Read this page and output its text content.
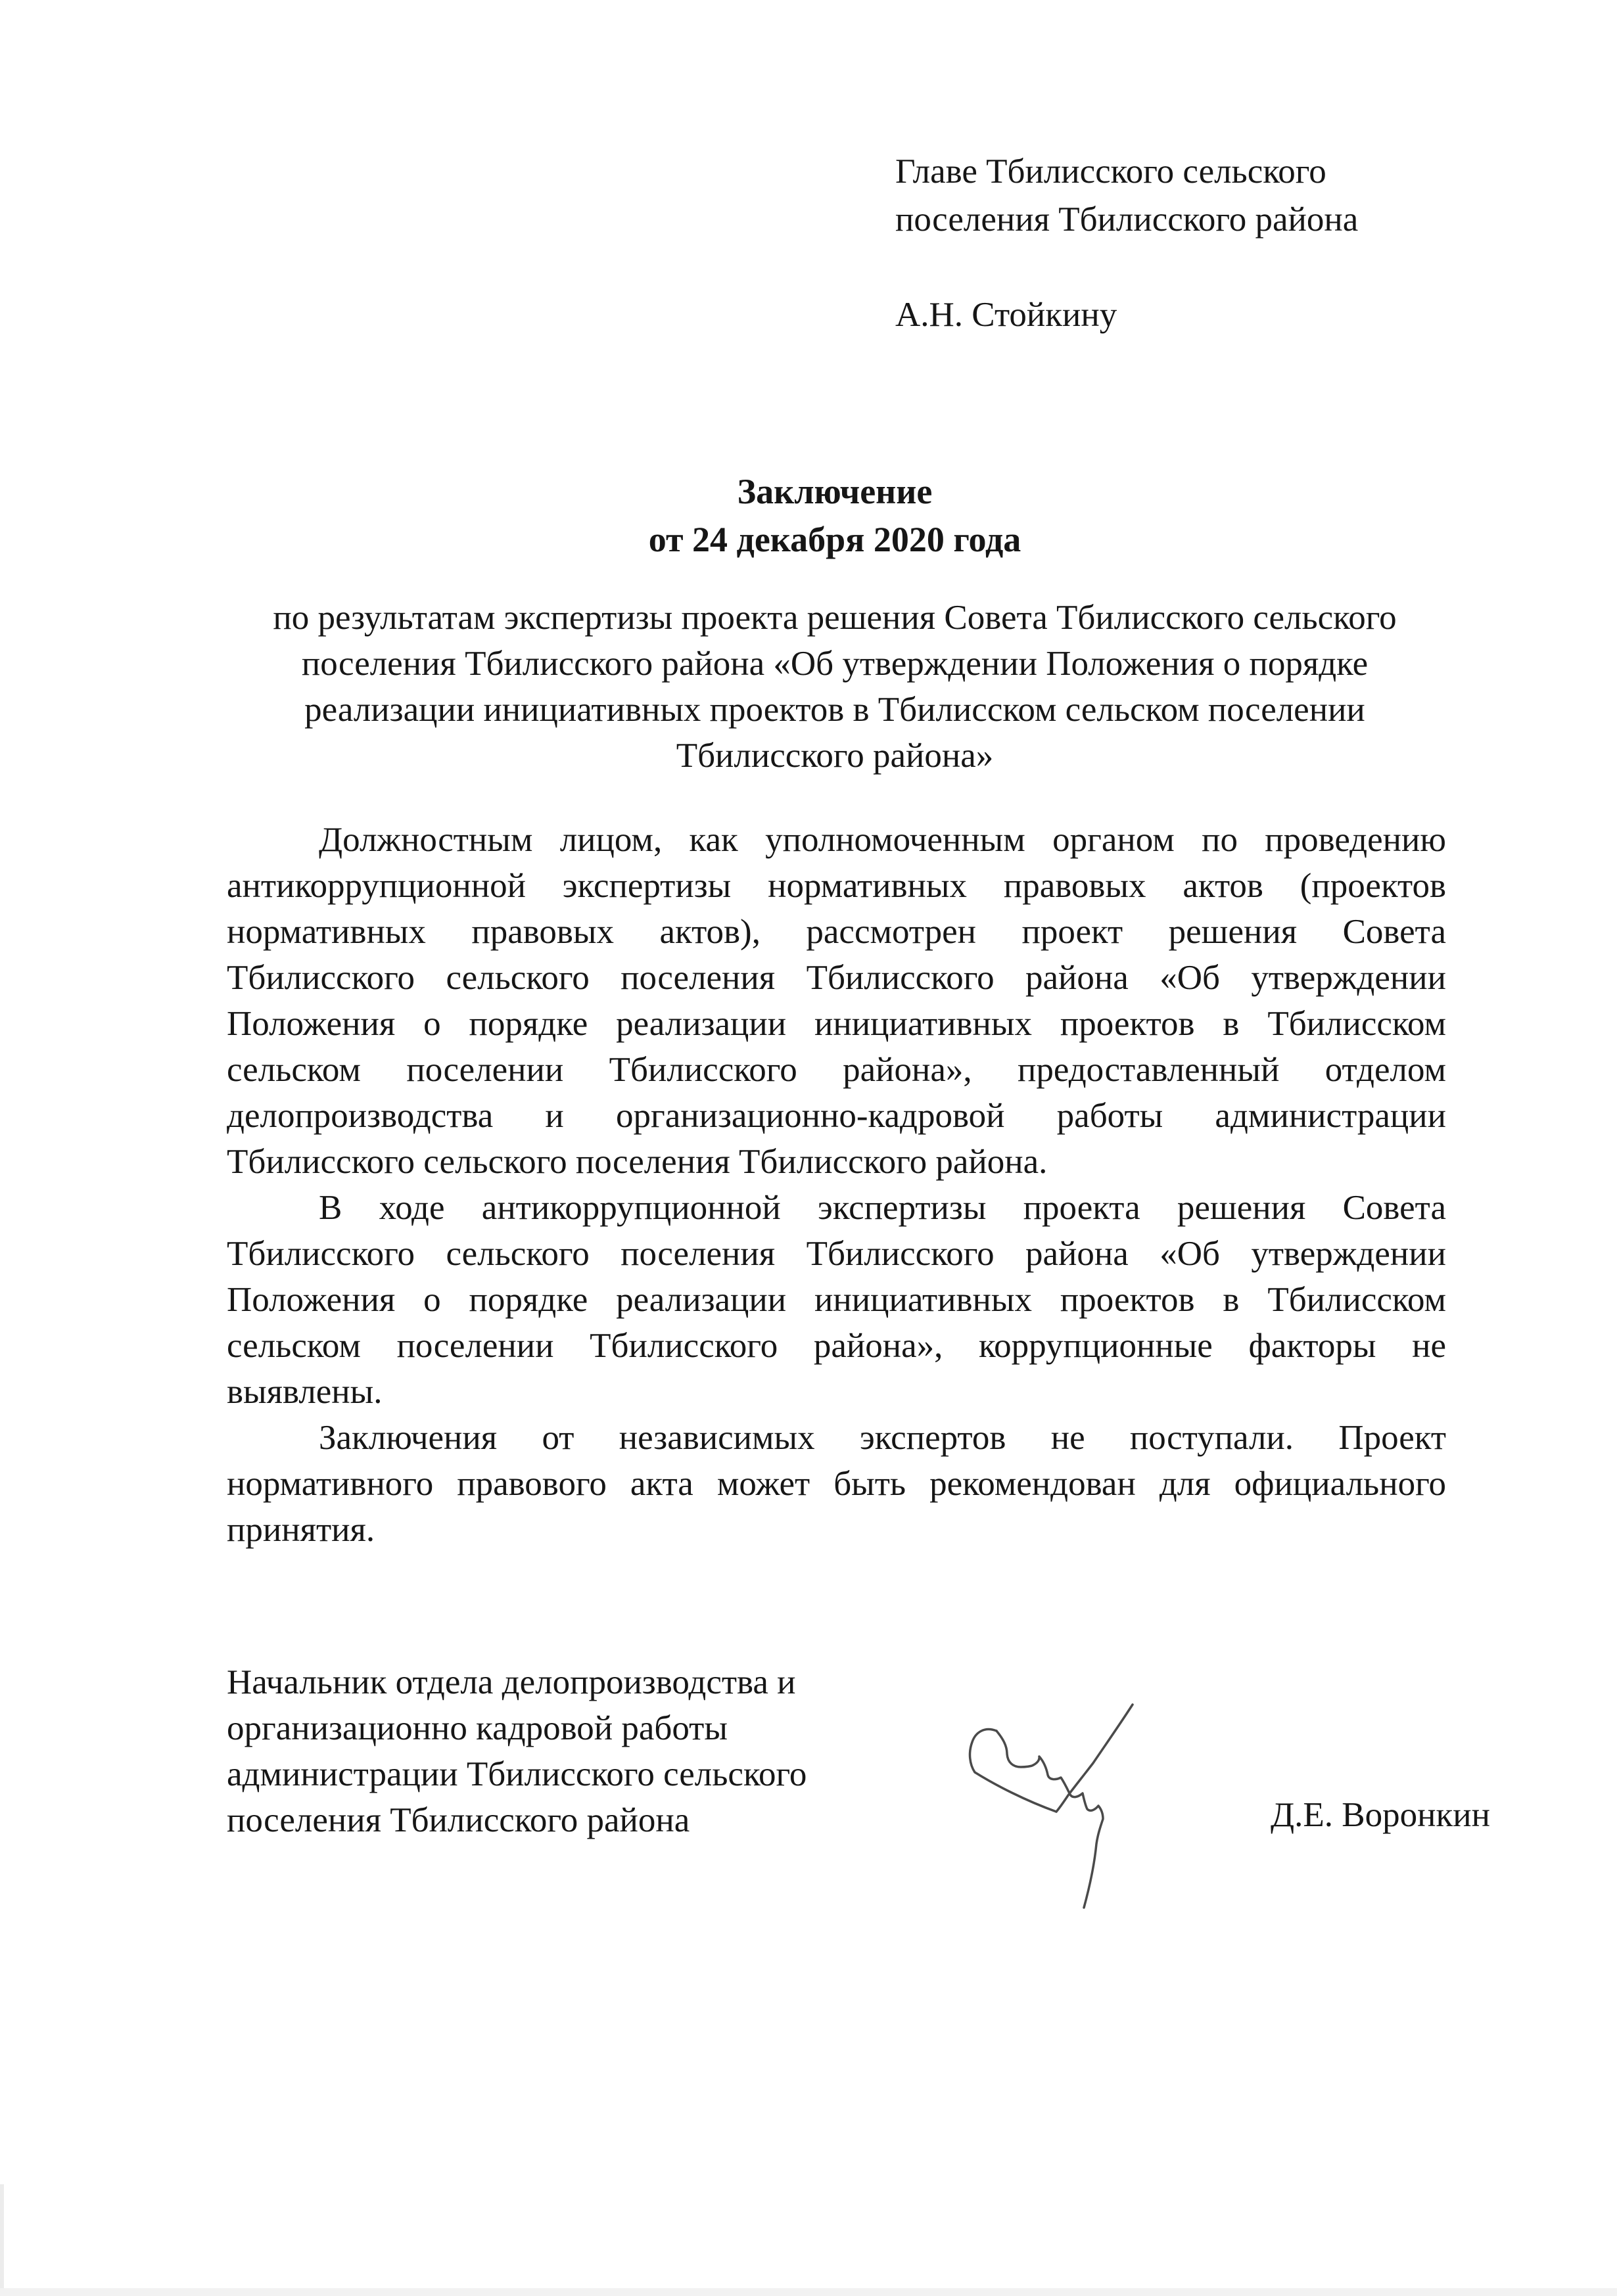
Главе Тбилисского сельского
поселения Тбилисского района
А.Н. Стойкину
Заключение
от 24 декабря 2020 года
по результатам экспертизы проекта решения Совета Тбилисского сельского
поселения Тбилисского района «Об утверждении Положения о порядке
реализации инициативных проектов в Тбилисском сельском поселении
Тбилисского района»
Должностным лицом, как уполномоченным органом по проведению
антикоррупционной экспертизы нормативных правовых актов (проектов
нормативных правовых актов), рассмотрен проект решения Совета
Тбилисского сельского поселения Тбилисского района «Об утверждении
Положения о порядке реализации инициативных проектов в Тбилисском
сельском поселении Тбилисского района», предоставленный отделом
делопроизводства и организационно-кадровой работы администрации
Тбилисского сельского поселения Тбилисского района.
В ходе антикоррупционной экспертизы проекта решения Совета
Тбилисского сельского поселения Тбилисского района «Об утверждении
Положения о порядке реализации инициативных проектов в Тбилисском
сельском поселении Тбилисского района», коррупционные факторы не
выявлены.
Заключения от независимых экспертов не поступали. Проект
нормативного правового акта может быть рекомендован для официального
принятия.
Начальник отдела делопроизводства и
организационно кадровой работы
администрации Тбилисского сельского
поселения Тбилисского района	Д.Е. Воронкин
